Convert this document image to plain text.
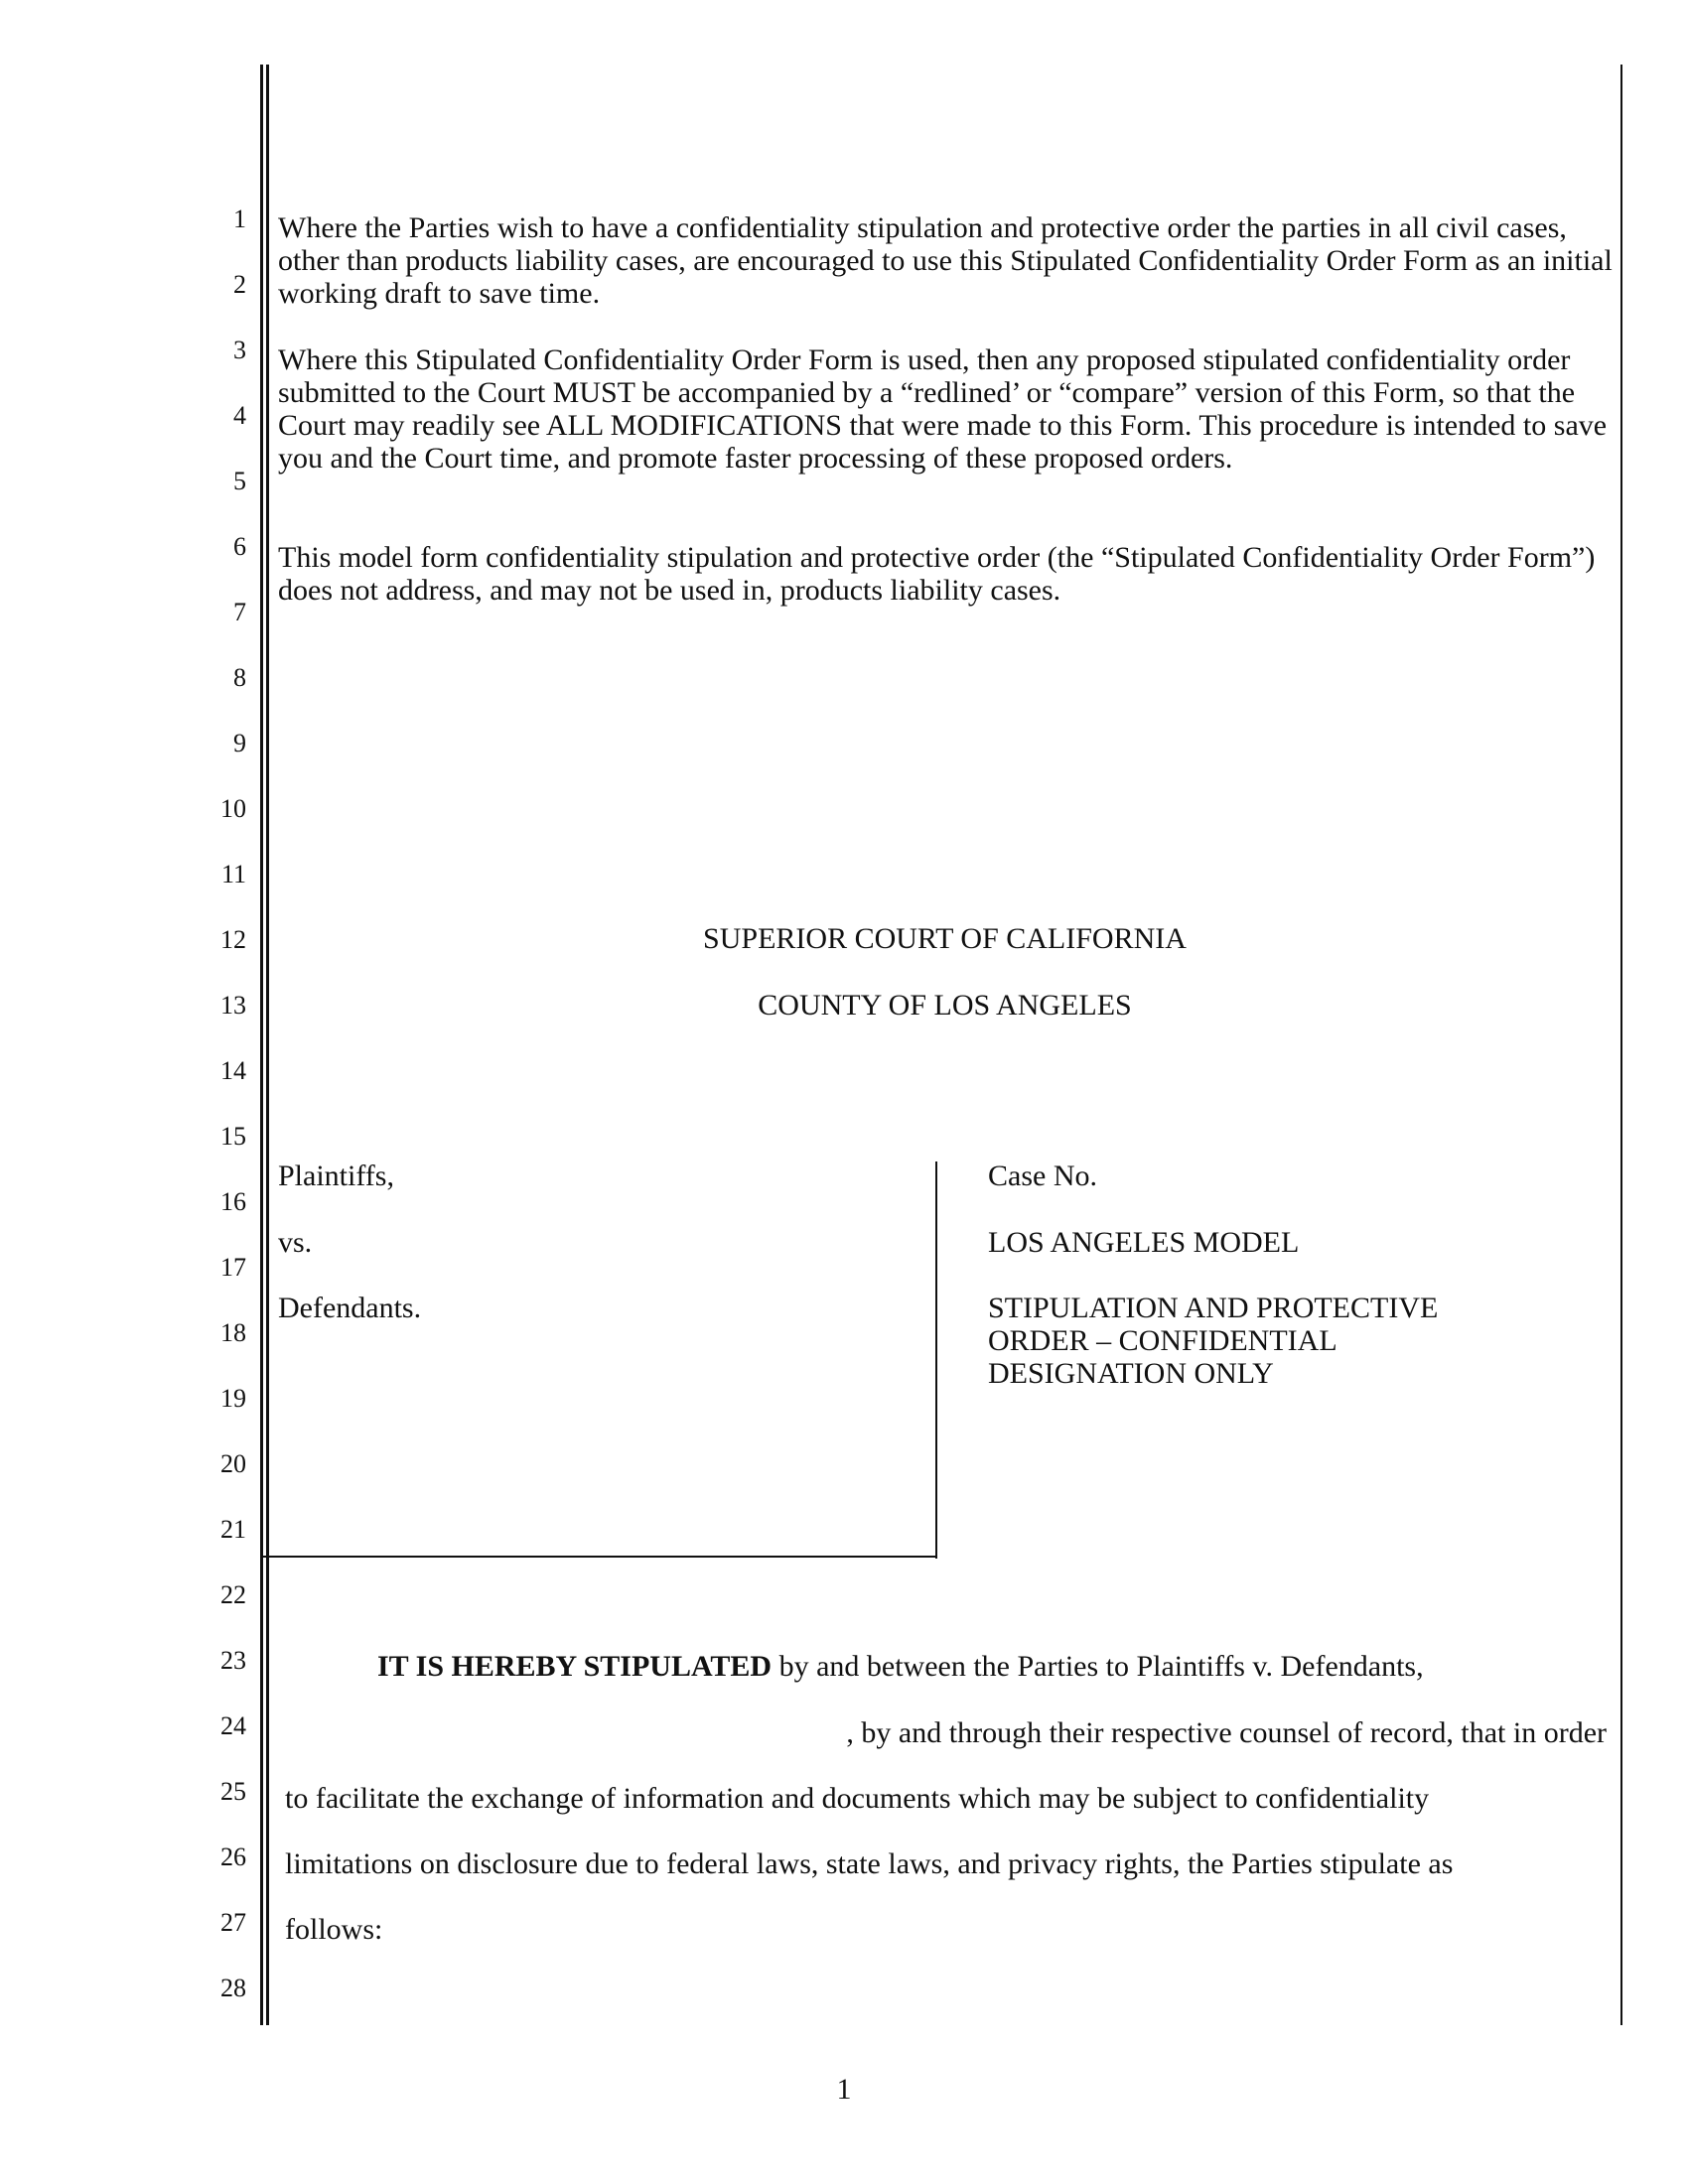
1
2
3
4
5
6
7
8
9
10
11
12
13
14
15
16
17
18
19
20
21
22
23
24
25
26
27
28

Where the Parties wish to have a confidentiality stipulation and protective order the parties in all civil cases, other than products liability cases, are encouraged to use this Stipulated Confidentiality Order Form as an initial working draft to save time.

Where this Stipulated Confidentiality Order Form is used, then any proposed stipulated confidentiality order submitted to the Court MUST be accompanied by a “redlined’ or “compare” version of this Form, so that the Court may readily see ALL MODIFICATIONS that were made to this Form. This procedure is intended to save you and the Court time, and promote faster processing of these proposed orders.

This model form confidentiality stipulation and protective order (the “Stipulated Confidentiality Order Form”) does not address, and may not be used in, products liability cases.

SUPERIOR COURT OF CALIFORNIA
COUNTY OF LOS ANGELES
Plaintiffs,
vs.
Defendants.
Case No.
LOS ANGELES MODEL
STIPULATION AND PROTECTIVE
ORDER – CONFIDENTIAL
DESIGNATION ONLY
IT IS HEREBY STIPULATED by and between the Parties to Plaintiffs v. Defendants,
, by and through their respective counsel of record, that in order
to facilitate the exchange of information and documents which may be subject to confidentiality
limitations on disclosure due to federal laws, state laws, and privacy rights, the Parties stipulate as
follows:
1
